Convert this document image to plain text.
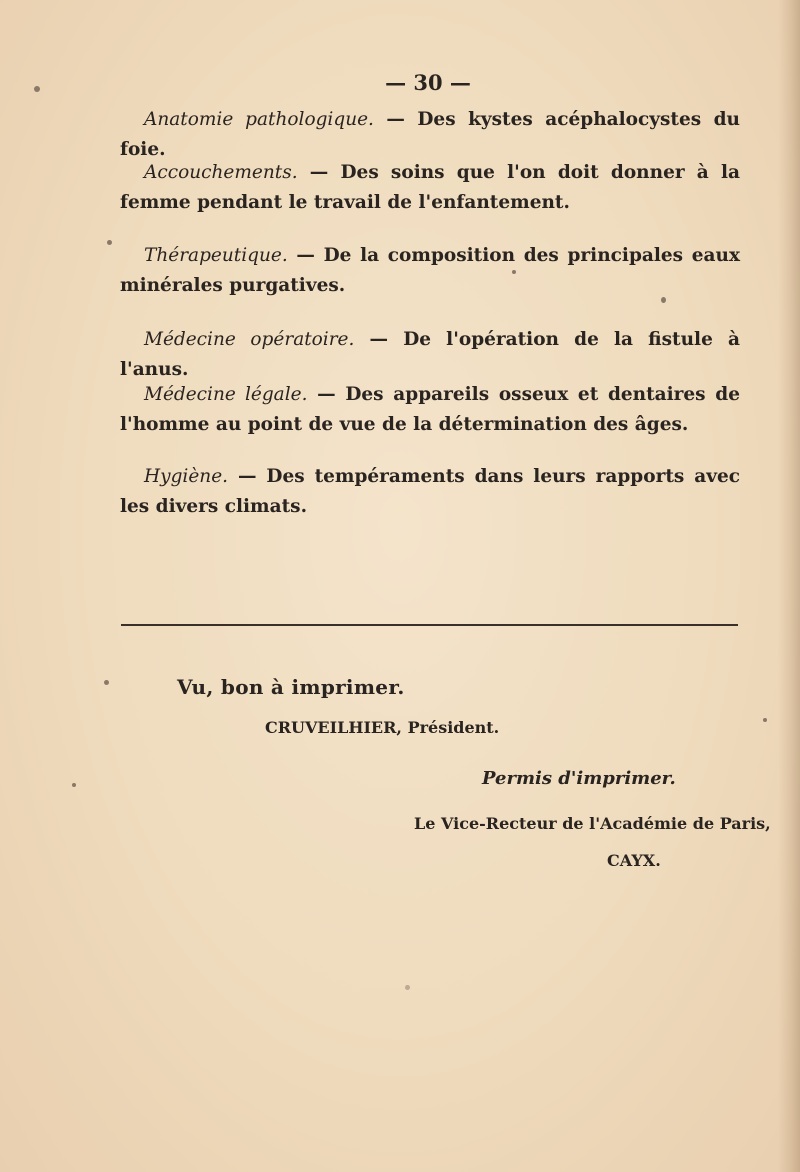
— 30 —
Anatomie pathologique. — Des kystes acéphalocystes du foie.
Accouchements. — Des soins que l'on doit donner à la femme pendant le travail de l'enfantement.
Thérapeutique. — De la composition des principales eaux minérales purgatives.
Médecine opératoire. — De l'opération de la fistule à l'anus.
Médecine légale. — Des appareils osseux et dentaires de l'homme au point de vue de la détermination des âges.
Hygiène. — Des tempéraments dans leurs rapports avec les divers climats.
Vu, bon à imprimer.
CRUVEILHIER, Président.
Permis d'imprimer.
Le Vice-Recteur de l'Académie de Paris,
CAYX.
